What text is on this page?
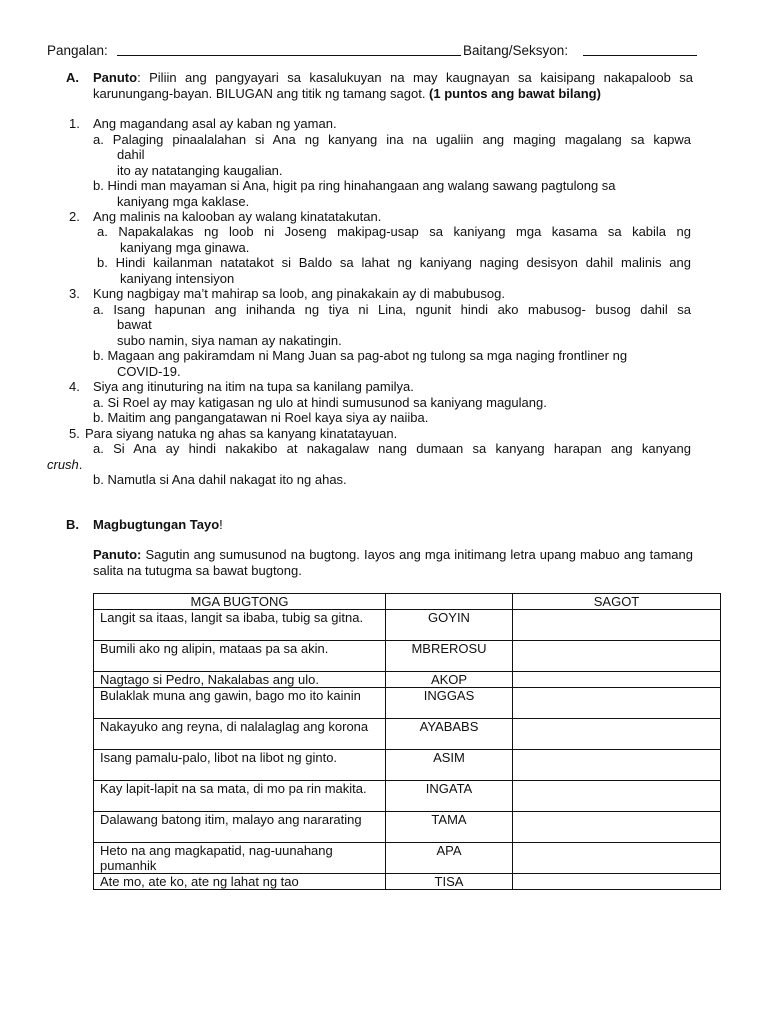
Pangalan:	Baitang/Seksyon:
A. Panuto: Piliin ang pangyayari sa kasalukuyan na may kaugnayan sa kaisipang nakapaloob sa karunungang-bayan. BILUGAN ang titik ng tamang sagot. (1 puntos ang bawat bilang)
1. Ang magandang asal ay kaban ng yaman.
a. Palaging pinaalalahan si Ana ng kanyang ina na ugaliin ang maging magalang sa kapwa
dahil
ito ay natatanging kaugalian.
b. Hindi man mayaman si Ana, higit pa ring hinahangaan ang walang sawang pagtulong sa
kaniyang mga kaklase.
2. Ang malinis na kalooban ay walang kinatatakutan.
a. Napakalakas ng loob ni Joseng makipag-usap sa kaniyang mga kasama sa kabila ng
kaniyang mga ginawa.
b. Hindi kailanman natatakot si Baldo sa lahat ng kaniyang naging desisyon dahil malinis ang
kaniyang intensiyon
3. Kung nagbigay ma’t mahirap sa loob, ang pinakakain ay di mabubusog.
a. Isang hapunan ang inihanda ng tiya ni Lina, ngunit hindi ako mabusog- busog dahil sa
bawat
subo namin, siya naman ay nakatingin.
b. Magaan ang pakiramdam ni Mang Juan sa pag-abot ng tulong sa mga naging frontliner ng
COVID-19.
4. Siya ang itinuturing na itim na tupa sa kanilang pamilya.
a. Si Roel ay may katigasan ng ulo at hindi sumusunod sa kaniyang magulang.
b. Maitim ang pangangatawan ni Roel kaya siya ay naiiba.
5. Para siyang natuka ng ahas sa kanyang kinatatayuan.
a. Si Ana ay hindi nakakibo at nakagalaw nang dumaan sa kanyang harapan ang kanyang
crush.
b. Namutla si Ana dahil nakagat ito ng ahas.
B. Magbugtungan Tayo!
Panuto: Sagutin ang sumusunod na bugtong. Iayos ang mga initimang letra upang mabuo ang tamang salita na tutugma sa bawat bugtong.
MGA BUGTONG		SAGOT
Langit sa itaas, langit sa ibaba, tubig sa gitna.	GOYIN	
Bumili ako ng alipin, mataas pa sa akin.	MBREROSU	
Nagtago si Pedro, Nakalabas ang ulo.	AKOP	
Bulaklak muna ang gawin, bago mo ito kainin	INGGAS	
Nakayuko ang reyna, di nalalaglag ang korona	AYABABS	
Isang pamalu-palo, libot na libot ng ginto.	ASIM	
Kay lapit-lapit na sa mata, di mo pa rin makita.	INGATA	
Dalawang batong itim, malayo ang nararating	TAMA	
Heto na ang magkapatid, nag-uunahang pumanhik	APA	
Ate mo, ate ko, ate ng lahat ng tao	TISA	
